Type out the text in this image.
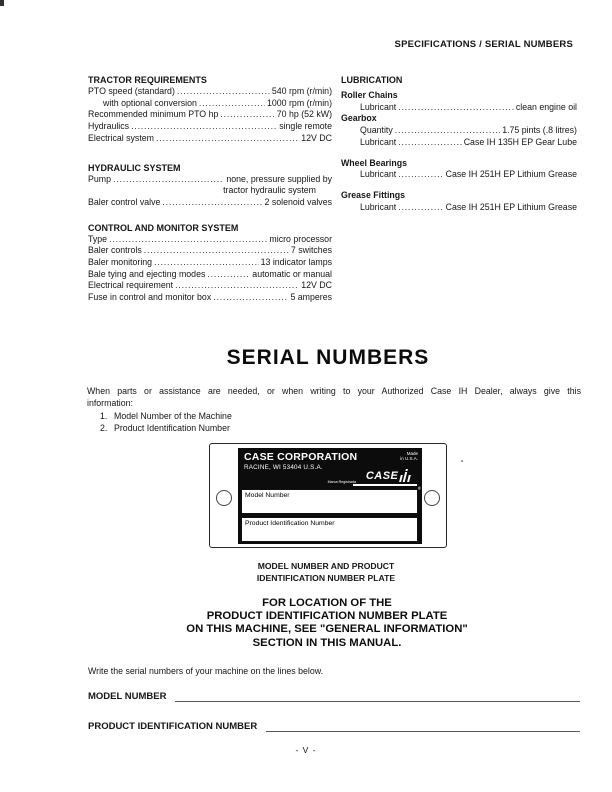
SPECIFICATIONS / SERIAL NUMBERS
TRACTOR REQUIREMENTS
PTO speed (standard) .....	540 rpm (r/min)
with optional conversion .....	1000 rpm (r/min)
Recommended minimum PTO hp .....	70 hp (52 kW)
Hydraulics .....	single remote
Electrical system .....	12V DC
HYDRAULIC SYSTEM
Pump .....	none, pressure supplied by
tractor hydraulic system
Baler control valve .....	2 solenoid valves
CONTROL AND MONITOR SYSTEM
Type .....	micro processor
Baler controls .....	7 switches
Baler monitoring .....	13 indicator lamps
Bale tying and ejecting modes .....	automatic or manual
Electrical requirement .....	12V DC
Fuse in control and monitor box .....	5 amperes
LUBRICATION
Roller Chains
Lubricant .....	clean engine oil
Gearbox
Quantity .....	1.75 pints (.8 litres)
Lubricant .....	Case IH 135H EP Gear Lube
Wheel Bearings
Lubricant .....	Case IH 251H EP Lithium Grease
Grease Fittings
Lubricant .....	Case IH 251H EP Lithium Grease
SERIAL NUMBERS
When parts or assistance are needed, or when writing to your Authorized Case IH Dealer, always give this
information:
1. Model Number of the Machine
2. Product Identification Number
CASE CORPORATION	Made
in U.S.A.
RACINE, WI 53404 U.S.A.
Marca Registrada CASE
®
Model Number
Product Identification Number
MODEL NUMBER AND PRODUCT
IDENTIFICATION NUMBER PLATE
FOR LOCATION OF THE
PRODUCT IDENTIFICATION NUMBER PLATE
ON THIS MACHINE, SEE "GENERAL INFORMATION"
SECTION IN THIS MANUAL.
Write the serial numbers of your machine on the lines below.
MODEL NUMBER
PRODUCT IDENTIFICATION NUMBER
- V -
